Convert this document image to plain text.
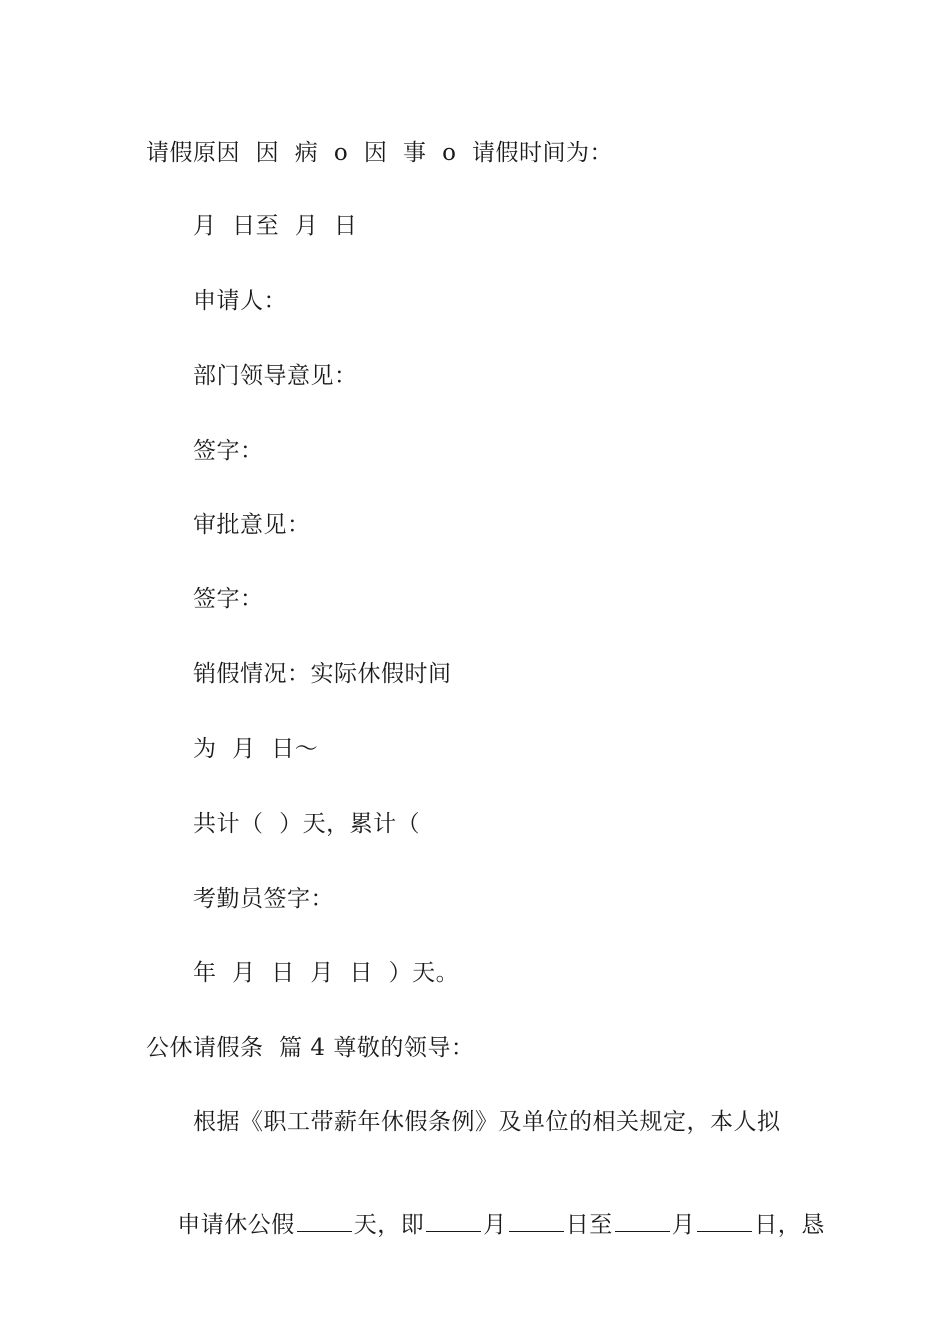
请假原因  因  病  o  因  事  o  请假时间为：
月  日至  月  日
申请人：
部门领导意见：
签字：
审批意见：
签字：
销假情况：实际休假时间
为  月  日～
共计（  ）天，累计（
考勤员签字：
年  月  日  月  日  ）天。
公休请假条  篇 4 尊敬的领导：
根据《职工带薪年休假条例》及单位的相关规定，本人拟

申请休公假	天，即	月	日至	月	日，恳
